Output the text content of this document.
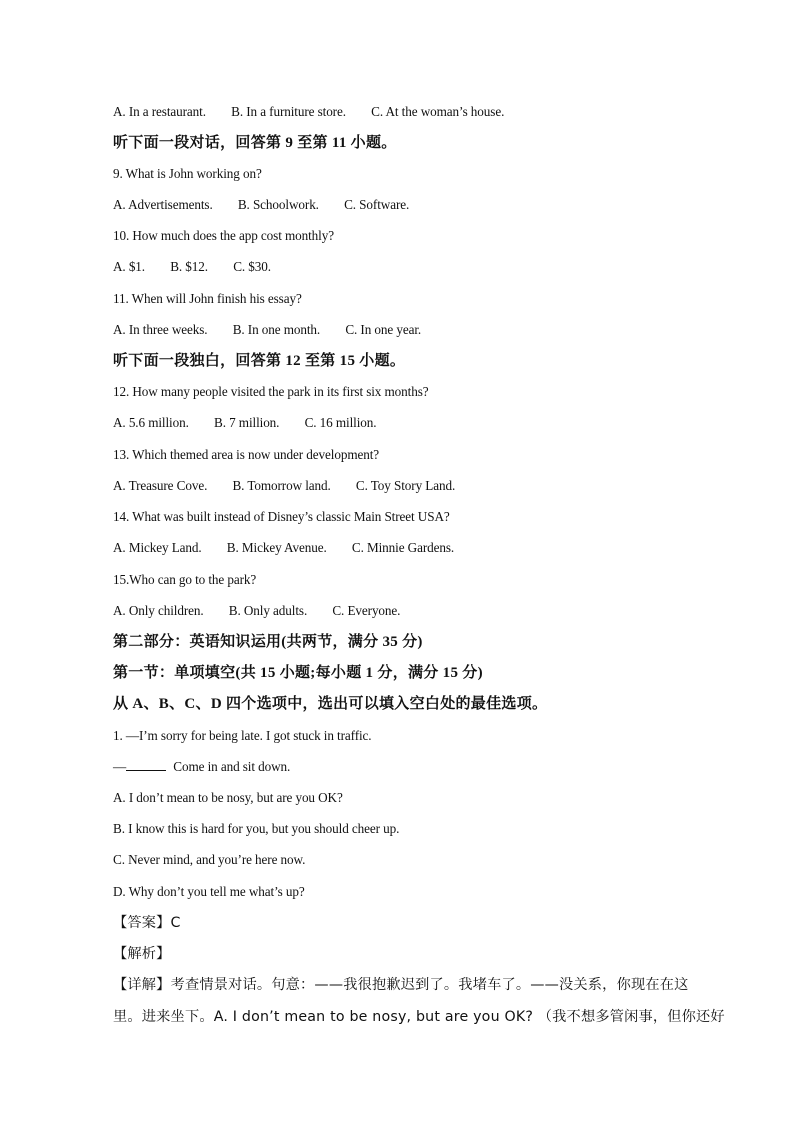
A. In a restaurant. B. In a furniture store. C. At the woman’s house.
听下面一段对话，回答第 9 至第 11 小题。
9. What is John working on?
A. Advertisements. B. Schoolwork. C. Software.
10. How much does the app cost monthly?
A. $1. B. $12. C. $30.
11. When will John finish his essay?
A. In three weeks. B. In one month. C. In one year.
听下面一段独白，回答第 12 至第 15 小题。
12. How many people visited the park in its first six months?
A. 5.6 million. B. 7 million. C. 16 million.
13. Which themed area is now under development?
A. Treasure Cove. B. Tomorrow land. C. Toy Story Land.
14. What was built instead of Disney’s classic Main Street USA?
A. Mickey Land. B. Mickey Avenue. C. Minnie Gardens.
15.Who can go to the park?
A. Only children. B. Only adults. C. Everyone.
第二部分：英语知识运用(共两节，满分 35 分)
第一节：单项填空(共 15 小题;每小题 1 分，满分 15 分)
从 A、B、C、D 四个选项中，选出可以填入空白处的最佳选项。
1. —I’m sorry for being late. I got stuck in traffic.
—	Come in and sit down.
A. I don’t mean to be nosy, but are you OK?
B. I know this is hard for you, but you should cheer up.
C. Never mind, and you’re here now.
D. Why don’t you tell me what’s up?
【答案】C
【解析】
【详解】考查情景对话。句意：——我很抱歉迟到了。我堵车了。——没关系，你现在在这
里。进来坐下。A. I don’t mean to be nosy, but are you OK? （我不想多管闲事，但你还好
